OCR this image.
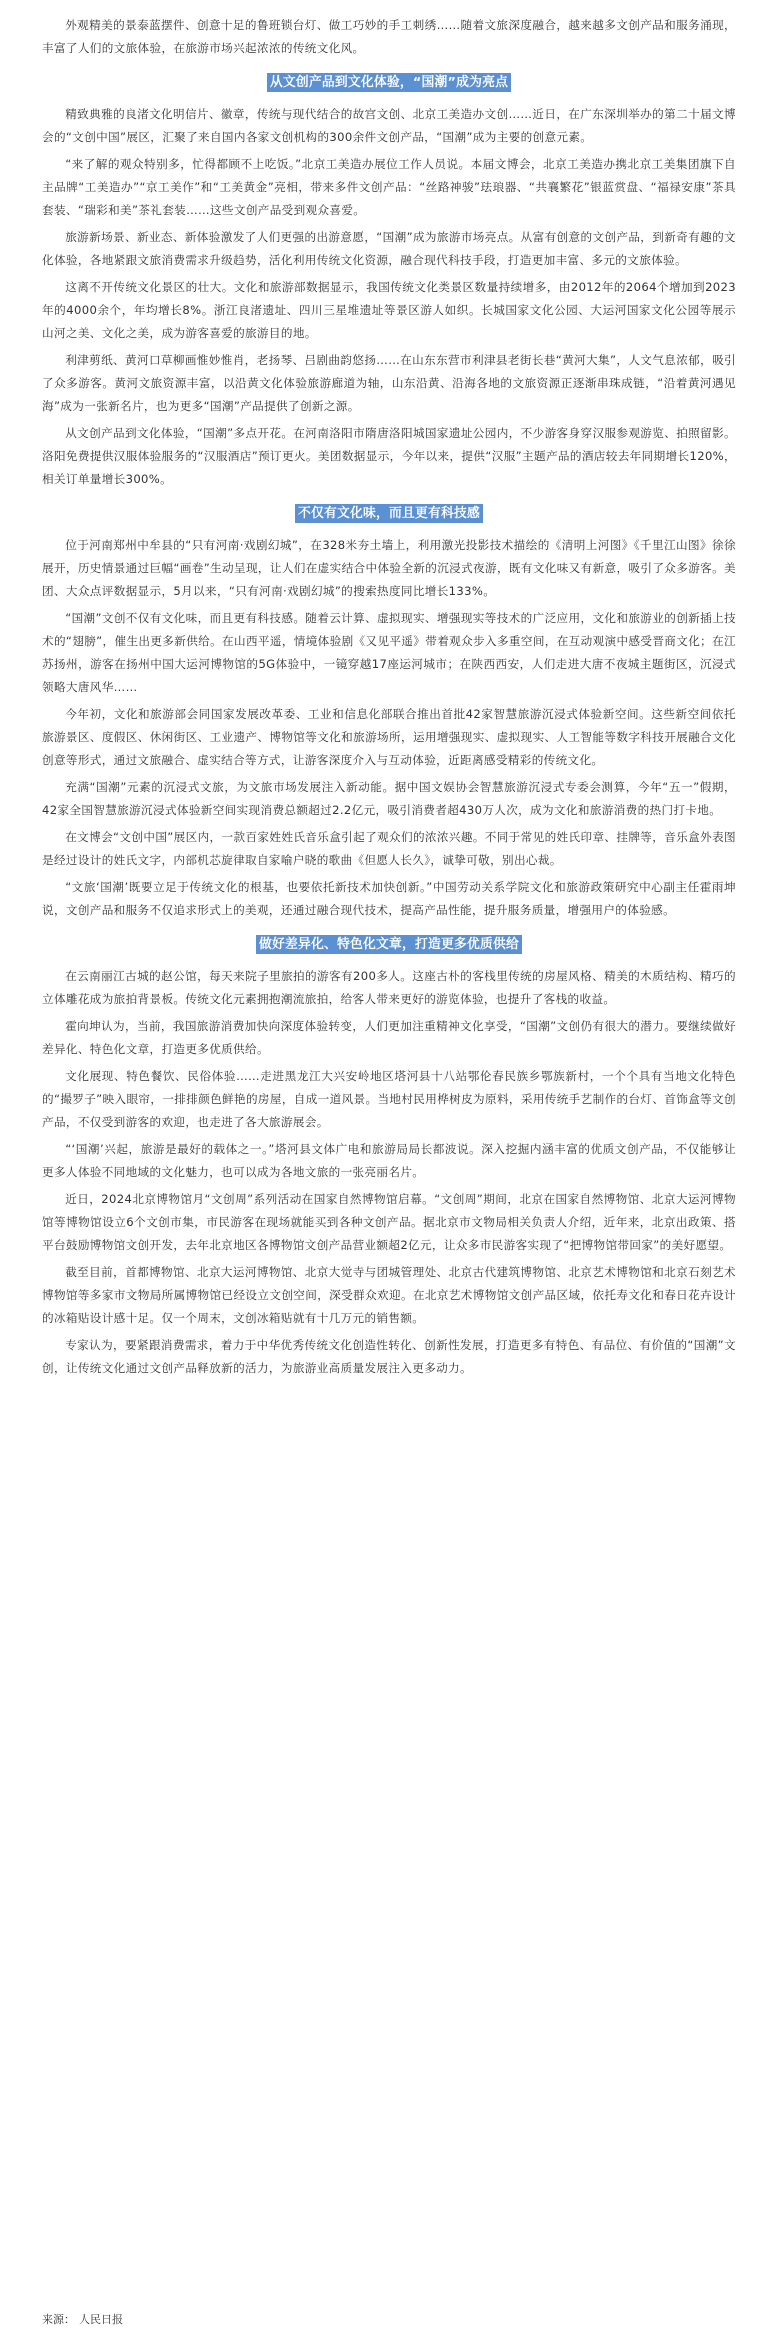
外观精美的景泰蓝摆件、创意十足的鲁班锁台灯、做工巧妙的手工刺绣……随着文旅深度融合，越来越多文创产品和服务涌现，丰富了人们的文旅体验，在旅游市场兴起浓浓的传统文化风。

从文创产品到文化体验，“国潮”成为亮点

精致典雅的良渚文化明信片、徽章，传统与现代结合的故宫文创、北京工美造办文创……近日，在广东深圳举办的第二十届文博会的“文创中国”展区，汇聚了来自国内各家文创机构的300余件文创产品，“国潮”成为主要的创意元素。

“来了解的观众特别多，忙得都顾不上吃饭。”北京工美造办展位工作人员说。本届文博会，北京工美造办携北京工美集团旗下自主品牌“工美造办”“京工美作”和“工美黄金”亮相，带来多件文创产品：“丝路神骏”珐琅器、“共襄繁花”银蓝赏盘、“福禄安康”茶具套装、“瑞彩和美”茶礼套装……这些文创产品受到观众喜爱。

旅游新场景、新业态、新体验激发了人们更强的出游意愿，“国潮”成为旅游市场亮点。从富有创意的文创产品，到新奇有趣的文化体验，各地紧跟文旅消费需求升级趋势，活化利用传统文化资源，融合现代科技手段，打造更加丰富、多元的文旅体验。

这离不开传统文化景区的壮大。文化和旅游部数据显示，我国传统文化类景区数量持续增多，由2012年的2064个增加到2023年的4000余个，年均增长8%。浙江良渚遗址、四川三星堆遗址等景区游人如织。长城国家文化公园、大运河国家文化公园等展示山河之美、文化之美，成为游客喜爱的旅游目的地。

利津剪纸、黄河口草柳画惟妙惟肖，老扬琴、吕剧曲韵悠扬……在山东东营市利津县老街长巷“黄河大集”，人文气息浓郁，吸引了众多游客。黄河文旅资源丰富，以沿黄文化体验旅游廊道为轴，山东沿黄、沿海各地的文旅资源正逐渐串珠成链，“沿着黄河遇见海”成为一张新名片，也为更多“国潮”产品提供了创新之源。

从文创产品到文化体验，“国潮”多点开花。在河南洛阳市隋唐洛阳城国家遗址公园内，不少游客身穿汉服参观游览、拍照留影。洛阳免费提供汉服体验服务的“汉服酒店”预订更火。美团数据显示，今年以来，提供“汉服”主题产品的酒店较去年同期增长120%，相关订单量增长300%。

不仅有文化味，而且更有科技感

位于河南郑州中牟县的“只有河南·戏剧幻城”，在328米夯土墙上，利用激光投影技术描绘的《清明上河图》《千里江山图》徐徐展开，历史情景通过巨幅“画卷”生动呈现，让人们在虚实结合中体验全新的沉浸式夜游，既有文化味又有新意，吸引了众多游客。美团、大众点评数据显示，5月以来，“只有河南·戏剧幻城”的搜索热度同比增长133%。

“国潮”文创不仅有文化味，而且更有科技感。随着云计算、虚拟现实、增强现实等技术的广泛应用，文化和旅游业的创新插上技术的“翅膀”，催生出更多新供给。在山西平遥，情境体验剧《又见平遥》带着观众步入多重空间，在互动观演中感受晋商文化；在江苏扬州，游客在扬州中国大运河博物馆的5G体验中，一镜穿越17座运河城市；在陕西西安，人们走进大唐不夜城主题街区，沉浸式领略大唐风华……

今年初，文化和旅游部会同国家发展改革委、工业和信息化部联合推出首批42家智慧旅游沉浸式体验新空间。这些新空间依托旅游景区、度假区、休闲街区、工业遗产、博物馆等文化和旅游场所，运用增强现实、虚拟现实、人工智能等数字科技开展融合文化创意等形式，通过文旅融合、虚实结合等方式，让游客深度介入与互动体验，近距离感受精彩的传统文化。

充满“国潮”元素的沉浸式文旅，为文旅市场发展注入新动能。据中国文娱协会智慧旅游沉浸式专委会测算，今年“五一”假期，42家全国智慧旅游沉浸式体验新空间实现消费总额超过2.2亿元，吸引消费者超430万人次，成为文化和旅游消费的热门打卡地。

在文博会“文创中国”展区内，一款百家姓姓氏音乐盒引起了观众们的浓浓兴趣。不同于常见的姓氏印章、挂牌等，音乐盒外表图是经过设计的姓氏文字，内部机芯旋律取自家喻户晓的歌曲《但愿人长久》，诚挚可敬，别出心裁。

“文旅‘国潮’既要立足于传统文化的根基，也要依托新技术加快创新。”中国劳动关系学院文化和旅游政策研究中心副主任霍雨坤说，文创产品和服务不仅追求形式上的美观，还通过融合现代技术，提高产品性能，提升服务质量，增强用户的体验感。

做好差异化、特色化文章，打造更多优质供给

在云南丽江古城的赵公馆，每天来院子里旅拍的游客有200多人。这座古朴的客栈里传统的房屋风格、精美的木质结构、精巧的立体雕花成为旅拍背景板。传统文化元素拥抱潮流旅拍，给客人带来更好的游览体验，也提升了客栈的收益。

霍向坤认为，当前，我国旅游消费加快向深度体验转变，人们更加注重精神文化享受，“国潮”文创仍有很大的潜力。要继续做好差异化、特色化文章，打造更多优质供给。

文化展现、特色餐饮、民俗体验……走进黑龙江大兴安岭地区塔河县十八站鄂伦春民族乡鄂族新村，一个个具有当地文化特色的“撮罗子”映入眼帘，一排排颜色鲜艳的房屋，自成一道风景。当地村民用桦树皮为原料，采用传统手艺制作的台灯、首饰盒等文创产品，不仅受到游客的欢迎，也走进了各大旅游展会。

“‘国潮’兴起，旅游是最好的载体之一。”塔河县文体广电和旅游局局长都波说。深入挖掘内涵丰富的优质文创产品，不仅能够让更多人体验不同地域的文化魅力，也可以成为各地文旅的一张亮丽名片。

近日，2024北京博物馆月“文创周”系列活动在国家自然博物馆启幕。“文创周”期间，北京在国家自然博物馆、北京大运河博物馆等博物馆设立6个文创市集，市民游客在现场就能买到各种文创产品。据北京市文物局相关负责人介绍，近年来，北京出政策、搭平台鼓励博物馆文创开发，去年北京地区各博物馆文创产品营业额超2亿元，让众多市民游客实现了“把博物馆带回家”的美好愿望。

截至目前，首都博物馆、北京大运河博物馆、北京大觉寺与团城管理处、北京古代建筑博物馆、北京艺术博物馆和北京石刻艺术博物馆等多家市文物局所属博物馆已经设立文创空间，深受群众欢迎。在北京艺术博物馆文创产品区域，依托寿文化和春日花卉设计的冰箱贴设计感十足。仅一个周末，文创冰箱贴就有十几万元的销售额。

专家认为，要紧跟消费需求，着力于中华优秀传统文化创造性转化、创新性发展，打造更多有特色、有品位、有价值的“国潮”文创，让传统文化通过文创产品释放新的活力，为旅游业高质量发展注入更多动力。

来源： 人民日报
